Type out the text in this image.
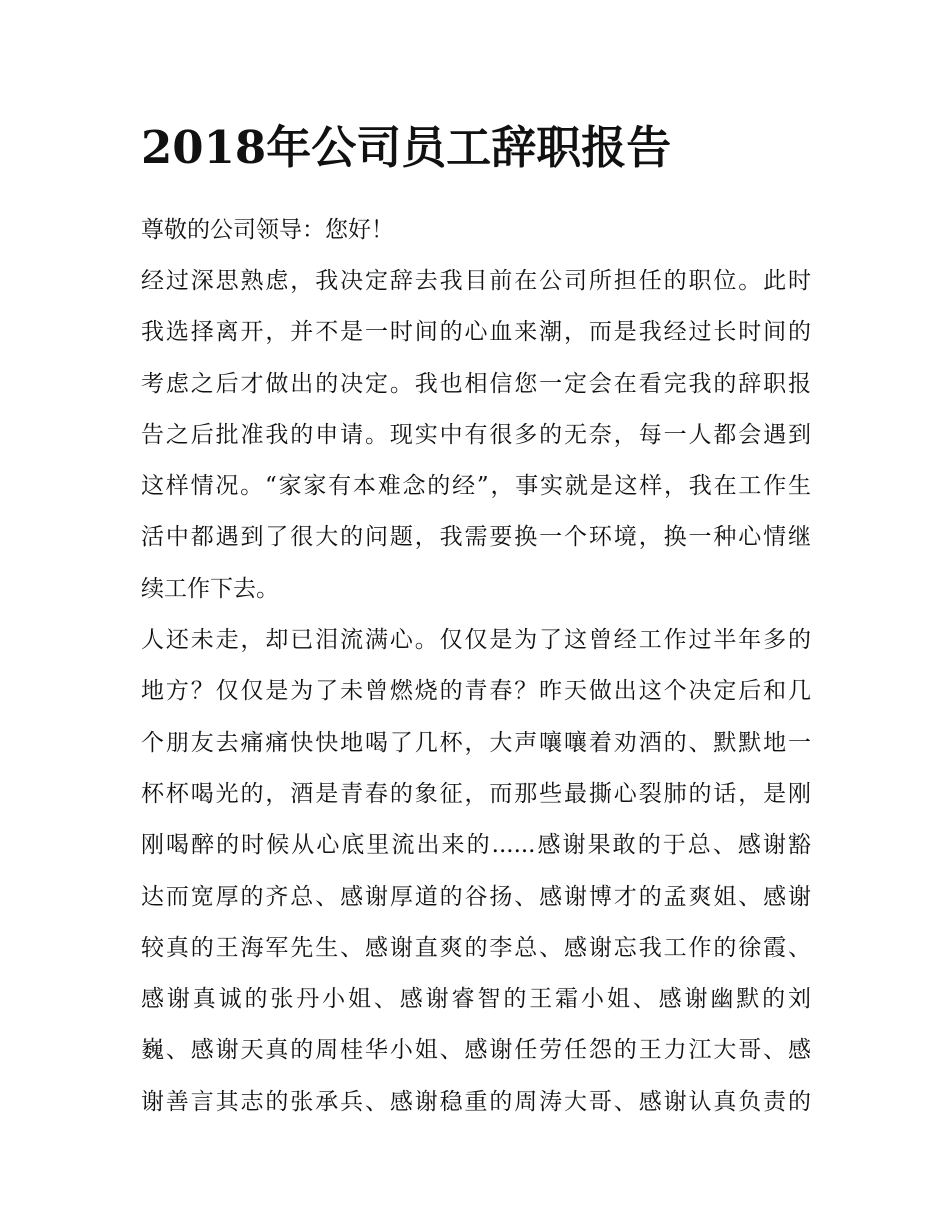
2018年公司员工辞职报告

尊敬的公司领导：您好！

经过深思熟虑，我决定辞去我目前在公司所担任的职位。此时
我选择离开，并不是一时间的心血来潮，而是我经过长时间的
考虑之后才做出的决定。我也相信您一定会在看完我的辞职报
告之后批准我的申请。现实中有很多的无奈，每一人都会遇到
这样情况。“家家有本难念的经”，事实就是这样，我在工作生
活中都遇到了很大的问题，我需要换一个环境，换一种心情继
续工作下去。

人还未走，却已泪流满心。仅仅是为了这曾经工作过半年多的
地方？仅仅是为了未曾燃烧的青春？昨天做出这个决定后和几
个朋友去痛痛快快地喝了几杯，大声嚷嚷着劝酒的、默默地一
杯杯喝光的，酒是青春的象征，而那些最撕心裂肺的话，是刚
刚喝醉的时候从心底里流出来的......感谢果敢的于总、感谢豁
达而宽厚的齐总、感谢厚道的谷扬、感谢博才的孟爽姐、感谢
较真的王海军先生、感谢直爽的李总、感谢忘我工作的徐霞、
感谢真诚的张丹小姐、感谢睿智的王霜小姐、感谢幽默的刘
巍、感谢天真的周桂华小姐、感谢任劳任怨的王力江大哥、感
谢善言其志的张承兵、感谢稳重的周涛大哥、感谢认真负责的
